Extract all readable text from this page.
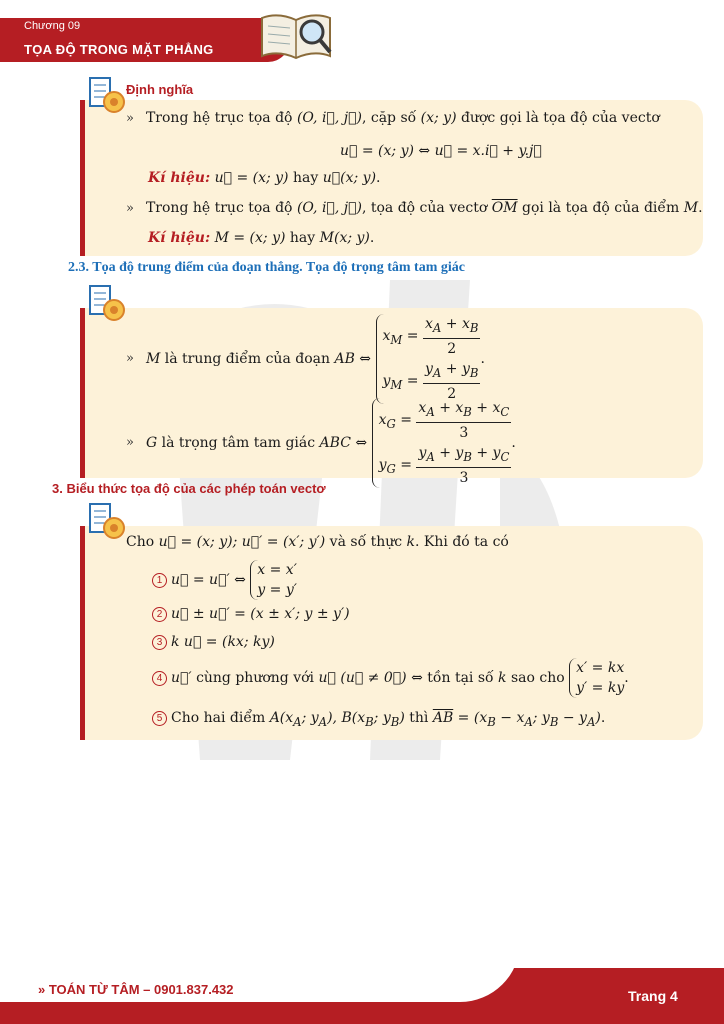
Chương 09
TỌA ĐỘ TRONG MẶT PHẲNG
Định nghĩa
» Trong hệ trục tọa độ (O, i⃗, j⃗), cặp số (x; y) được gọi là tọa độ của vectơ
u⃗ = (x; y) ⇔ u⃗ = x.i⃗ + y.j⃗
Kí hiệu: u⃗ = (x; y) hay u⃗(x; y).
» Trong hệ trục tọa độ (O, i⃗, j⃗), tọa độ của vectơ $\overline{OM}$ gọi là tọa độ của điểm M.
Kí hiệu: M = (x; y) hay M(x; y).
2.3. Tọa độ trung điểm của đoạn thẳng. Tọa độ trọng tâm tam giác
» M là trung điểm của đoạn AB ⇔
$x_M = \frac{x_A + x_B}{2}$
$y_M = \frac{y_A + y_B}{2}$ .
» G là trọng tâm tam giác ABC ⇔
$x_G = \frac{x_A + x_B + x_C}{3}$
$y_G = \frac{y_A + y_B + y_C}{3}$ .
3. Biểu thức tọa độ của các phép toán vectơ
Cho u⃗ = (x; y); u⃗′ = (x′; y′) và số thực k. Khi đó ta có
1 u⃗ = u⃗′ ⇔
x = x′
y = y′
2 u⃗ ± u⃗′ = (x ± x′; y ± y′)
3 k u⃗ = (kx; ky)
4 u⃗′ cùng phương với u⃗ (u⃗ ≠ 0⃗) ⇔ tồn tại số k sao cho
x′ = kx
y′ = ky
.
5 Cho hai điểm $A(x_A$; $y_A$), $B(x_B$; $y_B$) thì $\overline{AB} = (x_B - x_A$; $y_B - y_A$).
» TOÁN TỪ TÂM – 0901.837.432	Trang 4
